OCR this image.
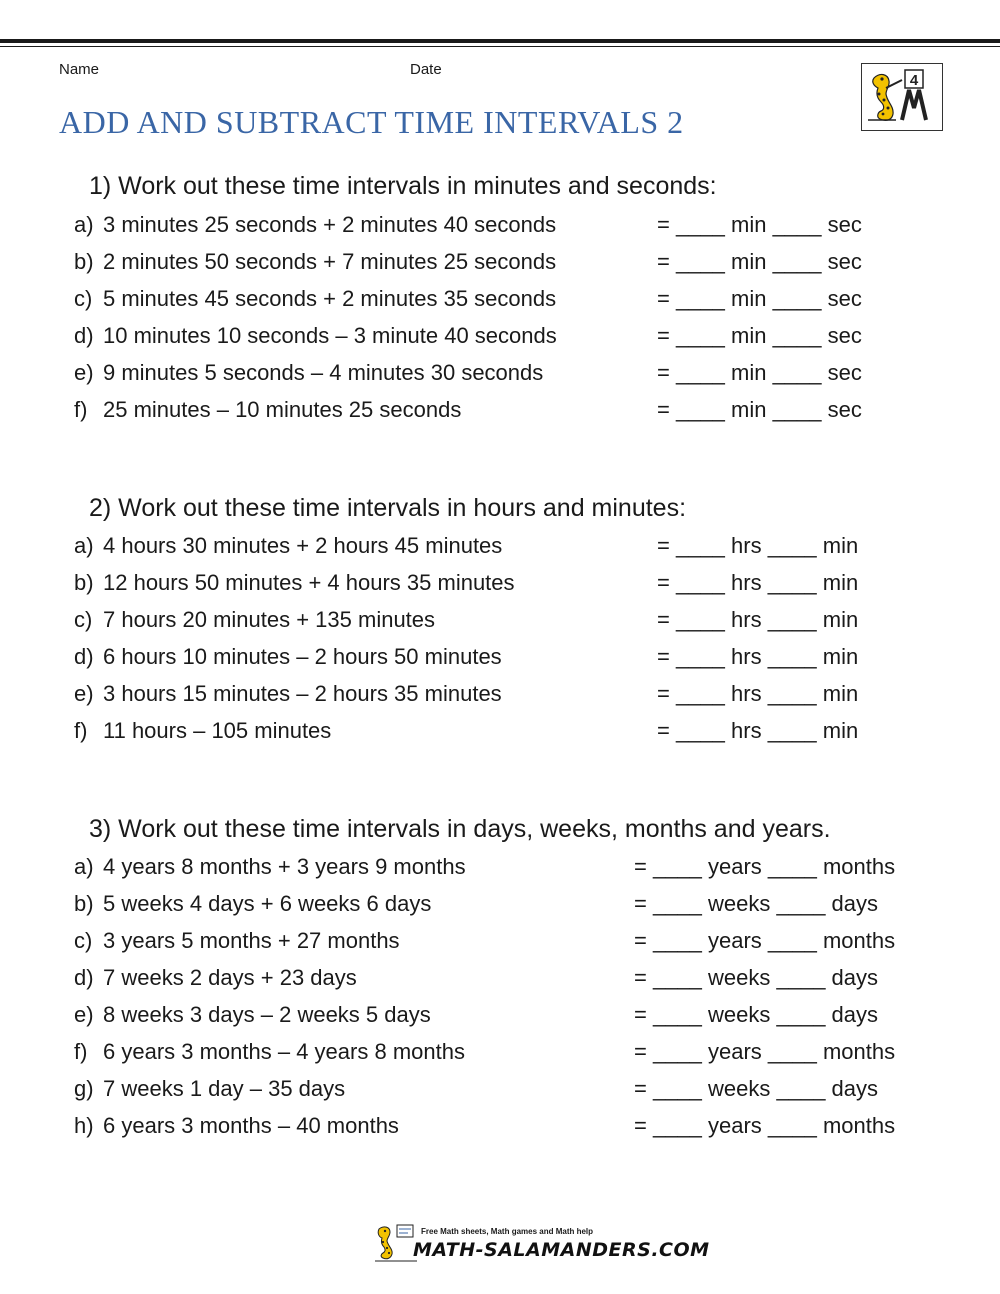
Name	Date
ADD AND SUBTRACT TIME INTERVALS 2
4
1) Work out these time intervals in minutes and seconds:
a) 3 minutes 25 seconds + 2 minutes 40 seconds	= ____ min ____ sec
b) 2 minutes 50 seconds + 7 minutes 25 seconds	= ____ min ____ sec
c) 5 minutes 45 seconds + 2 minutes 35 seconds	= ____ min ____ sec
d) 10 minutes 10 seconds – 3 minute 40 seconds	= ____ min ____ sec
e) 9 minutes 5 seconds – 4 minutes 30 seconds	= ____ min ____ sec
f) 25 minutes – 10 minutes 25 seconds	= ____ min ____ sec
2) Work out these time intervals in hours and minutes:
a) 4 hours 30 minutes + 2 hours 45 minutes	= ____ hrs ____ min
b) 12 hours 50 minutes + 4 hours 35 minutes	= ____ hrs ____ min
c) 7 hours 20 minutes + 135 minutes	= ____ hrs ____ min
d) 6 hours 10 minutes – 2 hours 50 minutes	= ____ hrs ____ min
e) 3 hours 15 minutes – 2 hours 35 minutes	= ____ hrs ____ min
f) 11 hours – 105 minutes	= ____ hrs ____ min
3) Work out these time intervals in days, weeks, months and years.
a) 4 years 8 months + 3 years 9 months	= ____ years ____ months
b) 5 weeks 4 days + 6 weeks 6 days	= ____ weeks ____ days
c) 3 years 5 months + 27 months	= ____ years ____ months
d) 7 weeks 2 days + 23 days	= ____ weeks ____ days
e) 8 weeks 3 days – 2 weeks 5 days	= ____ weeks ____ days
f) 6 years 3 months – 4 years 8 months	= ____ years ____ months
g) 7 weeks 1 day – 35 days	= ____ weeks ____ days
h) 6 years 3 months – 40 months	= ____ years ____ months
Free Math sheets, Math games and Math help
MATH-SALAMANDERS.COM
